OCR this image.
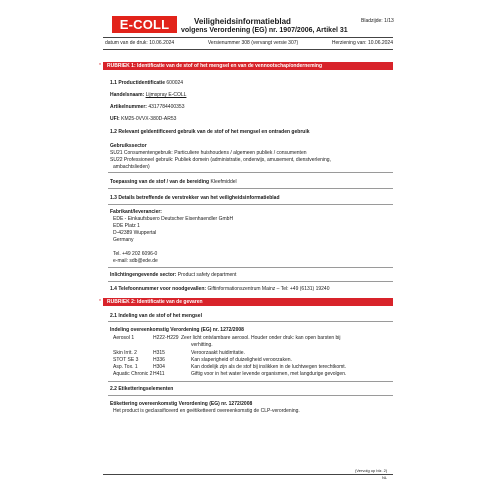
E-COLL	Veiligheidsinformatieblad
volgens Verordening (EG) nr. 1907/2006, Artikel 31
Bladzijde: 1/13
datum van de druk: 10.06.2024	Versienummer 308 (vervangt versie 307)	Herziening van: 10.06.2024
*	RUBRIEK 1: Identificatie van de stof of het mengsel en van de vennootschap/onderneming
1.1 Productidentificatie 600024
Handelsnaam: Lijmspray E-COLL
Artikelnummer: 4317784400353
UFI: KM25-0VVX-380D-AR53
1.2 Relevant geïdentificeerd gebruik van de stof of het mengsel en ontraden gebruik
Gebruikssector
SU21 Consumentengebruik: Particuliere huishoudens / algemeen publiek / consumenten
SU22 Professioneel gebruik: Publiek domein (administratie, onderwijs, amusement, dienstverlening,
ambachtslieden)
Toepassing van de stof / van de bereiding Kleefmiddel
1.3 Details betreffende de verstrekker van het veiligheidsinformatieblad
Fabrikant/leverancier:
EDE - Einkaufsbuero Deutscher Eisenhaendler GmbH
EDE Platz 1
D-42389 Wuppertal
Germany
Tel. +49 202 6096-0
e-mail: sdb@ede.de
Inlichtingengevende sector: Product safety department
1.4 Telefoonnummer voor noodgevallen: Giftinformationszentrum Mainz – Tel: +49 (6131) 19240
*	RUBRIEK 2: Identificatie van de gevaren
2.1 Indeling van de stof of het mengsel
Indeling overeenkomstig Verordening (EG) nr. 1272/2008
Aerosol 1	H222-H229 Zeer licht ontvlambare aerosol. Houder onder druk: kan open barsten bij
verhitting.
Skin Irrit. 2	H315	Veroorzaakt huidirritatie.
STOT SE 3	H336	Kan slaperigheid of duizeligheid veroorzaken.
Asp. Tox. 1	H304	Kan dodelijk zijn als de stof bij inslikken in de luchtwegen terechtkomt.
Aquatic Chronic 2 H411	Giftig voor in het water levende organismen, met langdurige gevolgen.
2.2 Etiketteringselementen
Etikettering overeenkomstig Verordening (EG) nr. 1272/2008
Het product is geclassificeerd en geëtiketteerd overeenkomstig de CLP-verordening.
(Vervolg op blz. 2)
NL
